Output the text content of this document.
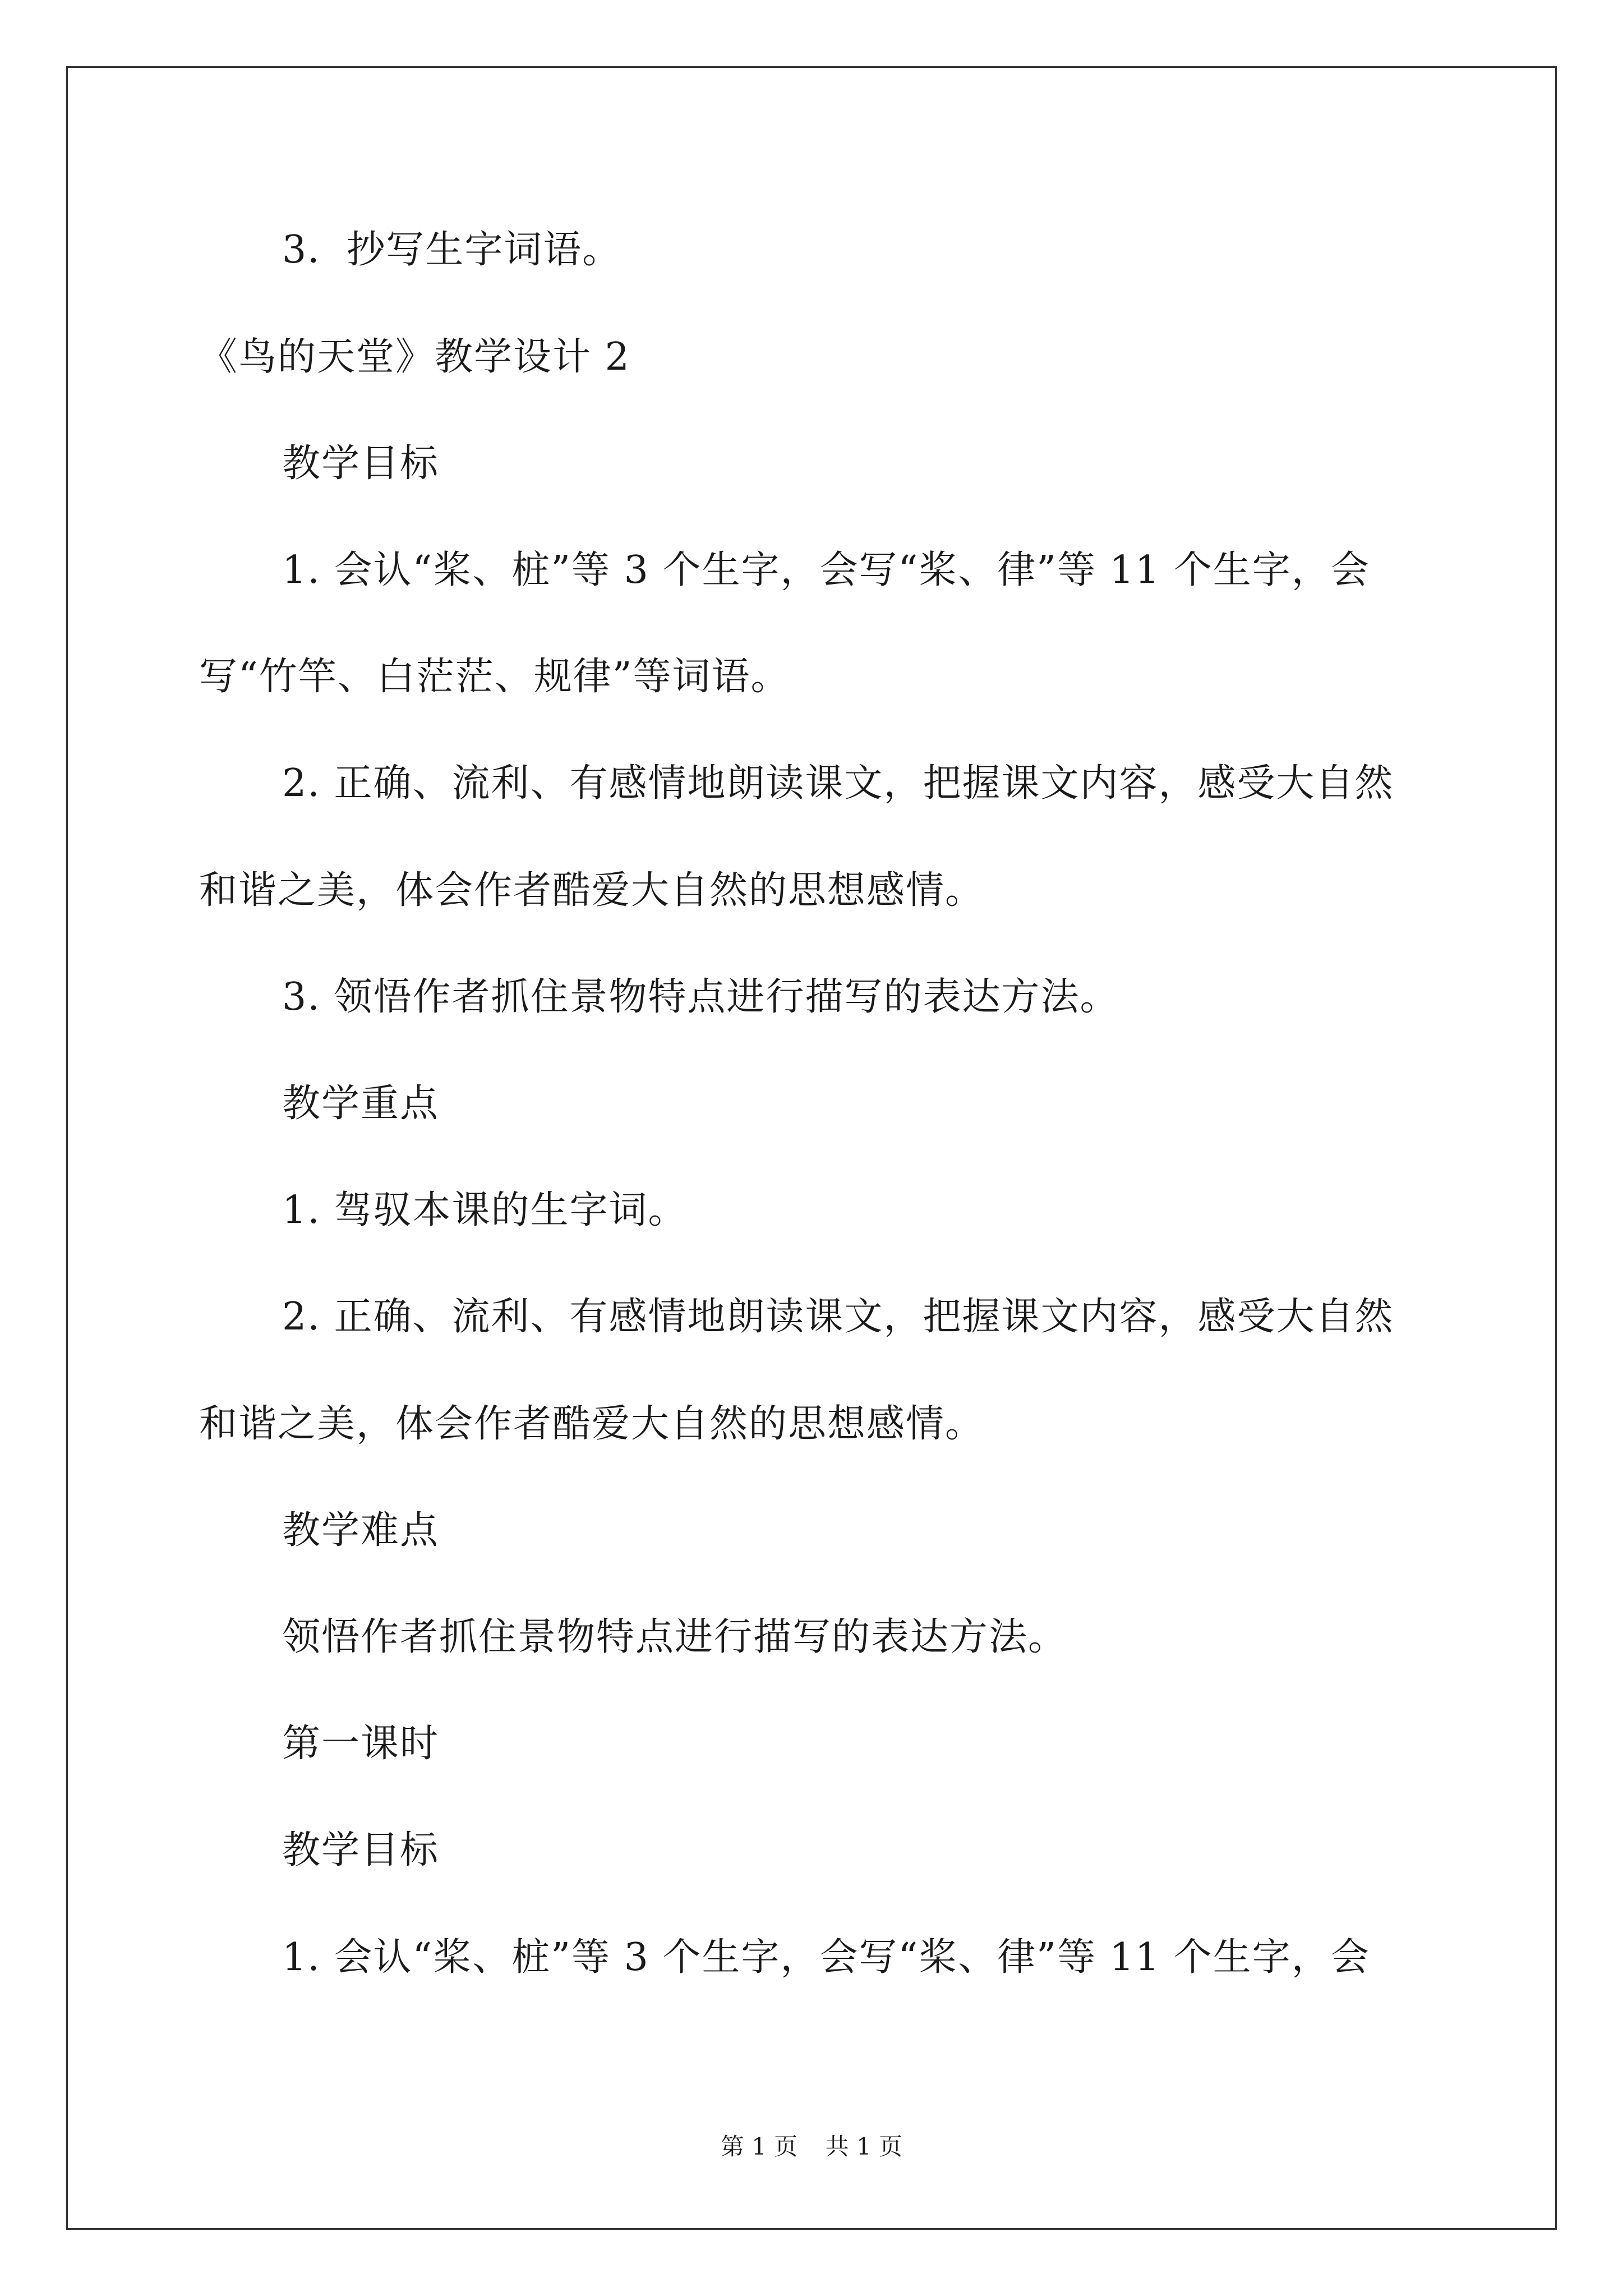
3．抄写生字词语。
《鸟的天堂》教学设计 2
教学目标
1. 会认“桨、桩”等 3 个生字，会写“桨、律”等 11 个生字，会
写“竹竿、白茫茫、规律”等词语。
2. 正确、流利、有感情地朗读课文，把握课文内容，感受大自然
和谐之美，体会作者酷爱大自然的思想感情。
3. 领悟作者抓住景物特点进行描写的表达方法。
教学重点
1. 驾驭本课的生字词。
2. 正确、流利、有感情地朗读课文，把握课文内容，感受大自然
和谐之美，体会作者酷爱大自然的思想感情。
教学难点
领悟作者抓住景物特点进行描写的表达方法。
第一课时
教学目标
1. 会认“桨、桩”等 3 个生字，会写“桨、律”等 11 个生字，会
第 1 页 共 1 页
